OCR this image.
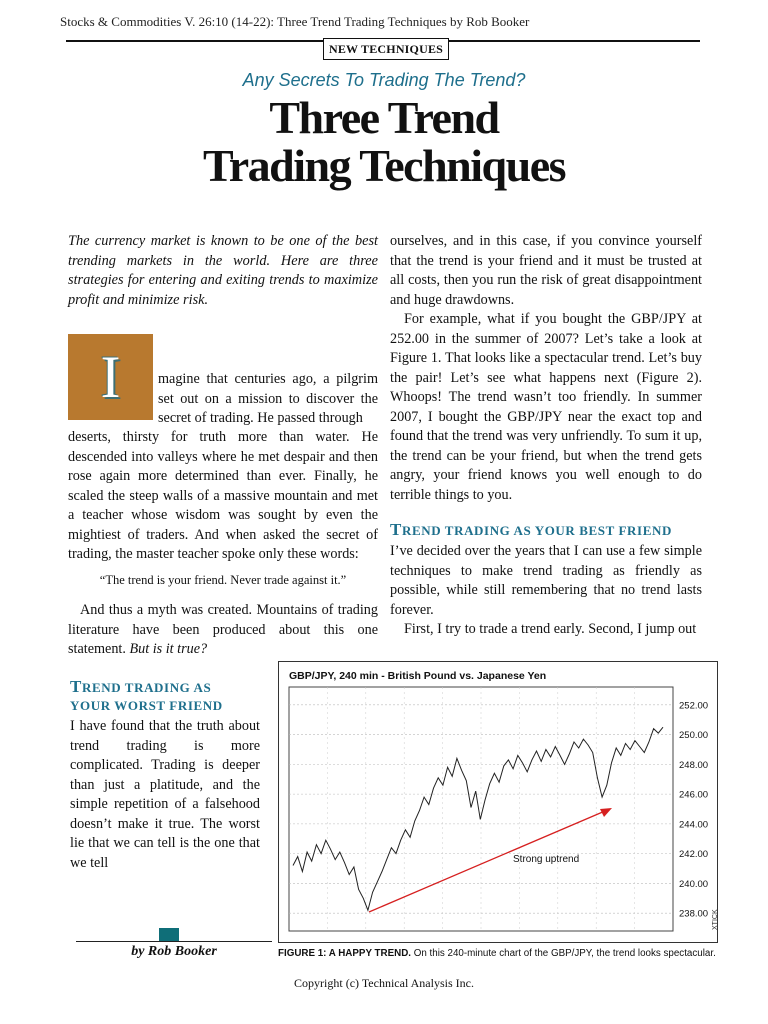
Stocks & Commodities V. 26:10 (14-22): Three Trend Trading Techniques by Rob Booker
NEW TECHNIQUES
Any Secrets To Trading The Trend?
Three Trend
Trading Techniques
The currency market is known to be one of the best trending markets in the world. Here are three strategies for entering and exiting trends to maximize profit and minimize risk.
I	magine that centuries ago, a pilgrim set out on a mission to discover the secret of trading. He passed through
deserts, thirsty for truth more than water. He descended into valleys where he met despair and then rose again more determined than ever. Finally, he scaled the steep walls of a massive mountain and met a teacher whose wisdom was sought by even the mightiest of traders. And when asked the secret of trading, the master teacher spoke only these words:
“The trend is your friend. Never trade against it.”
And thus a myth was created. Mountains of trading literature have been produced about this one statement. But is it true?
TREND TRADING AS
YOUR WORST FRIEND
I have found that the truth about trend trading is more complicated. Trading is deeper than just a platitude, and the simple repetition of a falsehood doesn’t make it true. The worst lie that we can tell is the one that we tell
by Rob Booker

ourselves, and in this case, if you convince yourself that the trend is your friend and it must be trusted at all costs, then you run the risk of great disappointment and huge drawdowns.

For example, what if you bought the GBP/JPY at 252.00 in the summer of 2007? Let’s take a look at Figure 1. That looks like a spectacular trend. Let’s buy the pair! Let’s see what happens next (Figure 2). Whoops! The trend wasn’t too friendly. In summer 2007, I bought the GBP/JPY near the exact top and found that the trend was very unfriendly. To sum it up, the trend can be your friend, but when the trend gets angry, your friend knows you well enough to do terrible things to you.

TREND TRADING AS YOUR BEST FRIEND

I’ve decided over the years that I can use a few simple techniques to make trend trading as friendly as possible, while still remembering that no trend lasts forever.

First, I try to trade a trend early. Second, I jump out

GBP/JPY, 240 min - British Pound vs. Japanese Yen
252.00
250.00
248.00
246.00
244.00
242.00
240.00
238.00
Strong uptrend
XTICK
FIGURE 1: A HAPPY TREND. On this 240-minute chart of the GBP/JPY, the trend looks spectacular.
Copyright (c) Technical Analysis Inc.
